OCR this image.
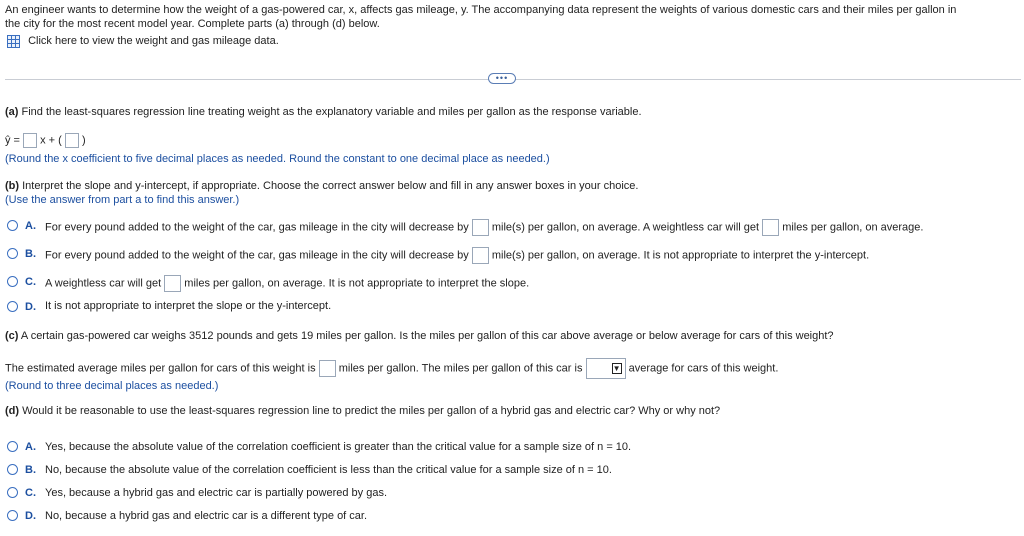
An engineer wants to determine how the weight of a gas-powered car, x, affects gas mileage, y. The accompanying data represent the weights of various domestic cars and their miles per gallon in
the city for the most recent model year. Complete parts (a) through (d) below.
Click here to view the weight and gas mileage data.
•••
(a) Find the least-squares regression line treating weight as the explanatory variable and miles per gallon as the response variable.
ŷ = x + ( )
(Round the x coefficient to five decimal places as needed. Round the constant to one decimal place as needed.)
(b) Interpret the slope and y-intercept, if appropriate. Choose the correct answer below and fill in any answer boxes in your choice.
(Use the answer from part a to find this answer.)
A. For every pound added to the weight of the car, gas mileage in the city will decrease by mile(s) per gallon, on average. A weightless car will get miles per gallon, on average.
B. For every pound added to the weight of the car, gas mileage in the city will decrease by mile(s) per gallon, on average. It is not appropriate to interpret the y-intercept.
C. A weightless car will get miles per gallon, on average. It is not appropriate to interpret the slope.
D. It is not appropriate to interpret the slope or the y-intercept.
(c) A certain gas-powered car weighs 3512 pounds and gets 19 miles per gallon. Is the miles per gallon of this car above average or below average for cars of this weight?
The estimated average miles per gallon for cars of this weight is miles per gallon. The miles per gallon of this car is	▼ average for cars of this weight.
(Round to three decimal places as needed.)
(d) Would it be reasonable to use the least-squares regression line to predict the miles per gallon of a hybrid gas and electric car? Why or why not?
A. Yes, because the absolute value of the correlation coefficient is greater than the critical value for a sample size of n = 10.
B. No, because the absolute value of the correlation coefficient is less than the critical value for a sample size of n = 10.
C. Yes, because a hybrid gas and electric car is partially powered by gas.
D. No, because a hybrid gas and electric car is a different type of car.
